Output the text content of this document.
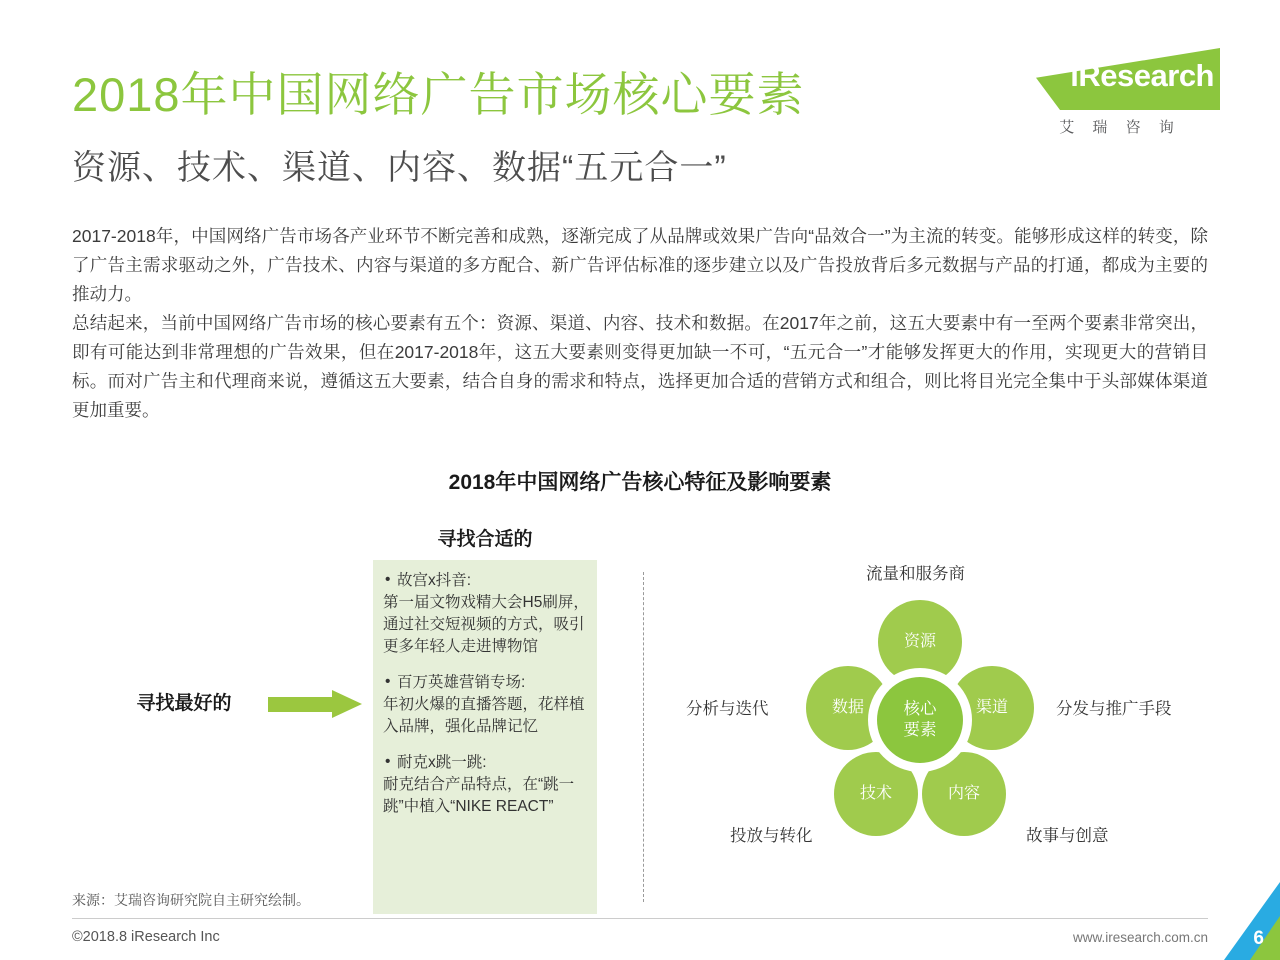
iResearch
艾 瑞 咨 询
2018年中国网络广告市场核心要素
资源、技术、渠道、内容、数据“五元合一”

2017-2018年，中国网络广告市场各产业环节不断完善和成熟，逐渐完成了从品牌或效果广告向“品效合一”为主流的转变。能够形成这样的转变，除了广告主需求驱动之外，广告技术、内容与渠道的多方配合、新广告评估标准的逐步建立以及广告投放背后多元数据与产品的打通，都成为主要的推动力。

总结起来，当前中国网络广告市场的核心要素有五个：资源、渠道、内容、技术和数据。在2017年之前，这五大要素中有一至两个要素非常突出，即有可能达到非常理想的广告效果，但在2017-2018年，这五大要素则变得更加缺一不可，“五元合一”才能够发挥更大的作用，实现更大的营销目标。而对广告主和代理商来说，遵循这五大要素，结合自身的需求和特点，选择更加合适的营销方式和组合，则比将目光完全集中于头部媒体渠道更加重要。

2018年中国网络广告核心特征及影响要素
寻找最好的
寻找合适的
• 故宫x抖音:
第一届文物戏精大会H5刷屏，通过社交短视频的方式，吸引更多年轻人走进博物馆
• 百万英雄营销专场:
年初火爆的直播答题，花样植入品牌，强化品牌记忆
• 耐克x跳一跳:
耐克结合产品特点，在“跳一跳”中植入“NIKE REACT”
资源
数据	渠道
技术	内容
核心
要素
流量和服务商
分析与迭代	分发与推广手段
投放与转化	故事与创意
来源：艾瑞咨询研究院自主研究绘制。
©2018.8 iResearch Inc	www.iresearch.com.cn 6
